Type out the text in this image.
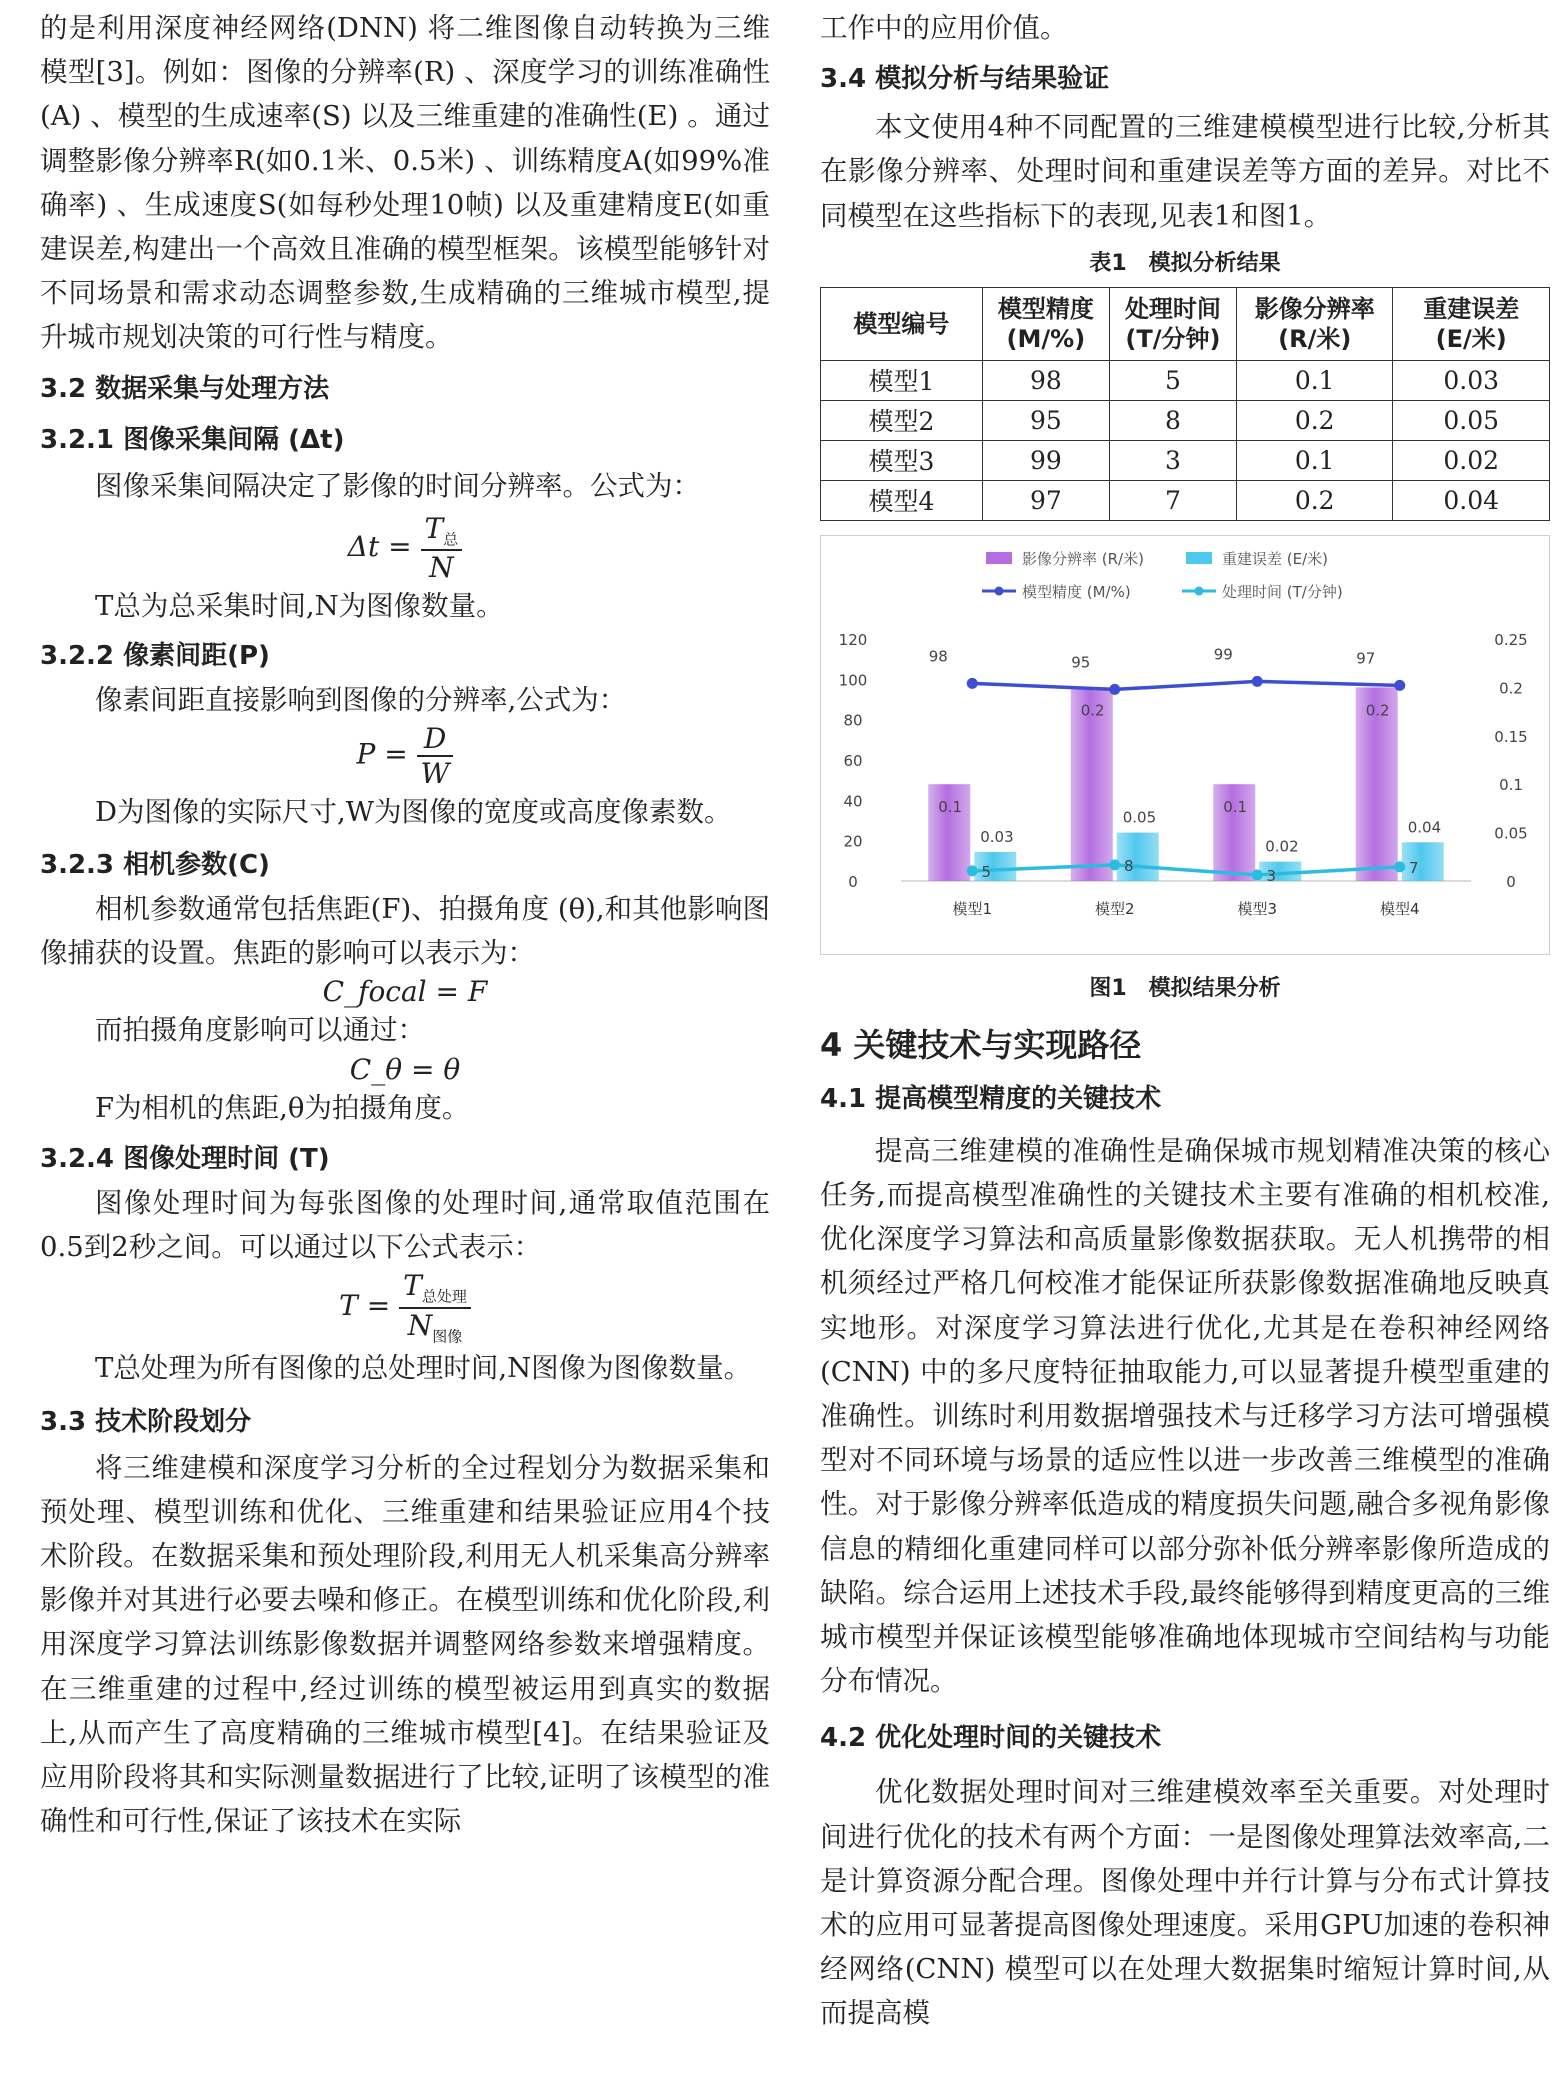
的是利用深度神经网络(DNN) 将二维图像自动转换为三维模型[3]。例如：图像的分辨率(R) 、深度学习的训练准确性(A) 、模型的生成速率(S) 以及三维重建的准确性(E) 。通过调整影像分辨率R(如0.1米、0.5米) 、训练精度A(如99%准确率) 、生成速度S(如每秒处理10帧) 以及重建精度E(如重建误差,构建出一个高效且准确的模型框架。该模型能够针对不同场景和需求动态调整参数,生成精确的三维城市模型,提升城市规划决策的可行性与精度。

3.2 数据采集与处理方法

3.2.1 图像采集间隔 (Δt)

图像采集间隔决定了影像的时间分辨率。公式为：

$\Delta t = \frac{T_总}{N}$

T总为总采集时间,N为图像数量。

3.2.2 像素间距(P)

像素间距直接影响到图像的分辨率,公式为：

$P = \frac{D}{W}$

D为图像的实际尺寸,W为图像的宽度或高度像素数。

3.2.3 相机参数(C)

相机参数通常包括焦距(F)、拍摄角度 (θ),和其他影响图像捕获的设置。焦距的影响可以表示为：

C_focal = F

而拍摄角度影响可以通过：

C_θ = θ

F为相机的焦距,θ为拍摄角度。

3.2.4 图像处理时间 (T)

图像处理时间为每张图像的处理时间,通常取值范围在0.5到2秒之间。可以通过以下公式表示：

$T = \frac{T_{总处理}}{N_{图像}}$

T总处理为所有图像的总处理时间,N图像为图像数量。

3.3 技术阶段划分

将三维建模和深度学习分析的全过程划分为数据采集和预处理、模型训练和优化、三维重建和结果验证应用4个技术阶段。在数据采集和预处理阶段,利用无人机采集高分辨率影像并对其进行必要去噪和修正。在模型训练和优化阶段,利用深度学习算法训练影像数据并调整网络参数来增强精度。在三维重建的过程中,经过训练的模型被运用到真实的数据上,从而产生了高度精确的三维城市模型[4]。在结果验证及应用阶段将其和实际测量数据进行了比较,证明了该模型的准确性和可行性,保证了该技术在实际

工作中的应用价值。

3.4 模拟分析与结果验证

本文使用4种不同配置的三维建模模型进行比较,分析其在影像分辨率、处理时间和重建误差等方面的差异。对比不同模型在这些指标下的表现,见表1和图1。

表1　模拟分析结果

模型编号	模型精度
(M/%)	处理时间
(T/分钟)	影像分辨率
(R/米)	重建误差
(E/米)
模型1	98	5	0.1	0.03
模型2	95	8	0.2	0.05
模型3	99	3	0.1	0.02
模型4	97	7	0.2	0.04
0
20
40
60
80
100
120
0
0.05
0.1
0.15
0.2
0.25
模型1	模型2	模型3	模型4
0.1
0.2
0.1
0.2
0.03
0.05
0.02
0.04
98	95	99	97
5	8
3	7
影像分辨率 (R/米)	重建误差 (E/米)
模型精度 (M/%)	处理时间 (T/分钟)

图1　模拟结果分析

4 关键技术与实现路径

4.1 提高模型精度的关键技术

提高三维建模的准确性是确保城市规划精准决策的核心任务,而提高模型准确性的关键技术主要有准确的相机校准,优化深度学习算法和高质量影像数据获取。无人机携带的相机须经过严格几何校准才能保证所获影像数据准确地反映真实地形。对深度学习算法进行优化,尤其是在卷积神经网络(CNN) 中的多尺度特征抽取能力,可以显著提升模型重建的准确性。训练时利用数据增强技术与迁移学习方法可增强模型对不同环境与场景的适应性以进一步改善三维模型的准确性。对于影像分辨率低造成的精度损失问题,融合多视角影像信息的精细化重建同样可以部分弥补低分辨率影像所造成的缺陷。综合运用上述技术手段,最终能够得到精度更高的三维城市模型并保证该模型能够准确地体现城市空间结构与功能分布情况。

4.2 优化处理时间的关键技术

优化数据处理时间对三维建模效率至关重要。对处理时间进行优化的技术有两个方面：一是图像处理算法效率高,二是计算资源分配合理。图像处理中并行计算与分布式计算技术的应用可显著提高图像处理速度。采用GPU加速的卷积神经网络(CNN) 模型可以在处理大数据集时缩短计算时间,从而提高模
